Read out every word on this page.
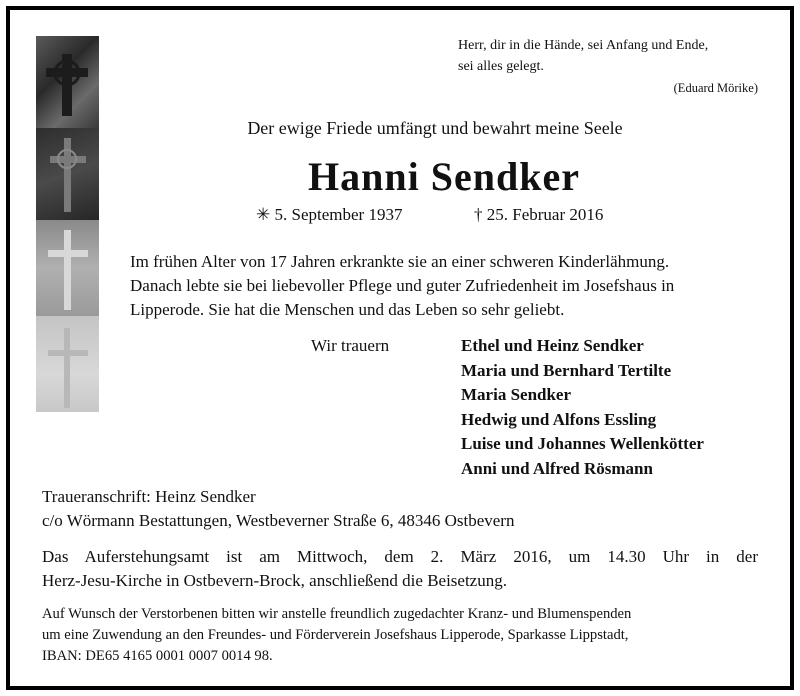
Herr, dir in die Hände, sei Anfang und Ende,
sei alles gelegt.
(Eduard Mörike)
Der ewige Friede umfängt und bewahrt meine Seele
Hanni Sendker
✳ 5. September 1937	† 25. Februar 2016
Im frühen Alter von 17 Jahren erkrankte sie an einer schweren Kinderlähmung.
Danach lebte sie bei liebevoller Pflege und guter Zufriedenheit im Josefshaus in
Lipperode. Sie hat die Menschen und das Leben so sehr geliebt.
Wir trauern	Ethel und Heinz Sendker
Maria und Bernhard Tertilte
Maria Sendker
Hedwig und Alfons Essling
Luise und Johannes Wellenkötter
Anni und Alfred Rösmann
Traueranschrift: Heinz Sendker
c/o Wörmann Bestattungen, Westbeverner Straße 6, 48346 Ostbevern
Das Auferstehungsamt ist am Mittwoch, dem 2. März 2016, um 14.30 Uhr in der
Herz-Jesu-Kirche in Ostbevern-Brock, anschließend die Beisetzung.
Auf Wunsch der Verstorbenen bitten wir anstelle freundlich zugedachter Kranz- und Blumenspenden
um eine Zuwendung an den Freundes- und Förderverein Josefshaus Lipperode, Sparkasse Lippstadt,
IBAN: DE65 4165 0001 0007 0014 98.
